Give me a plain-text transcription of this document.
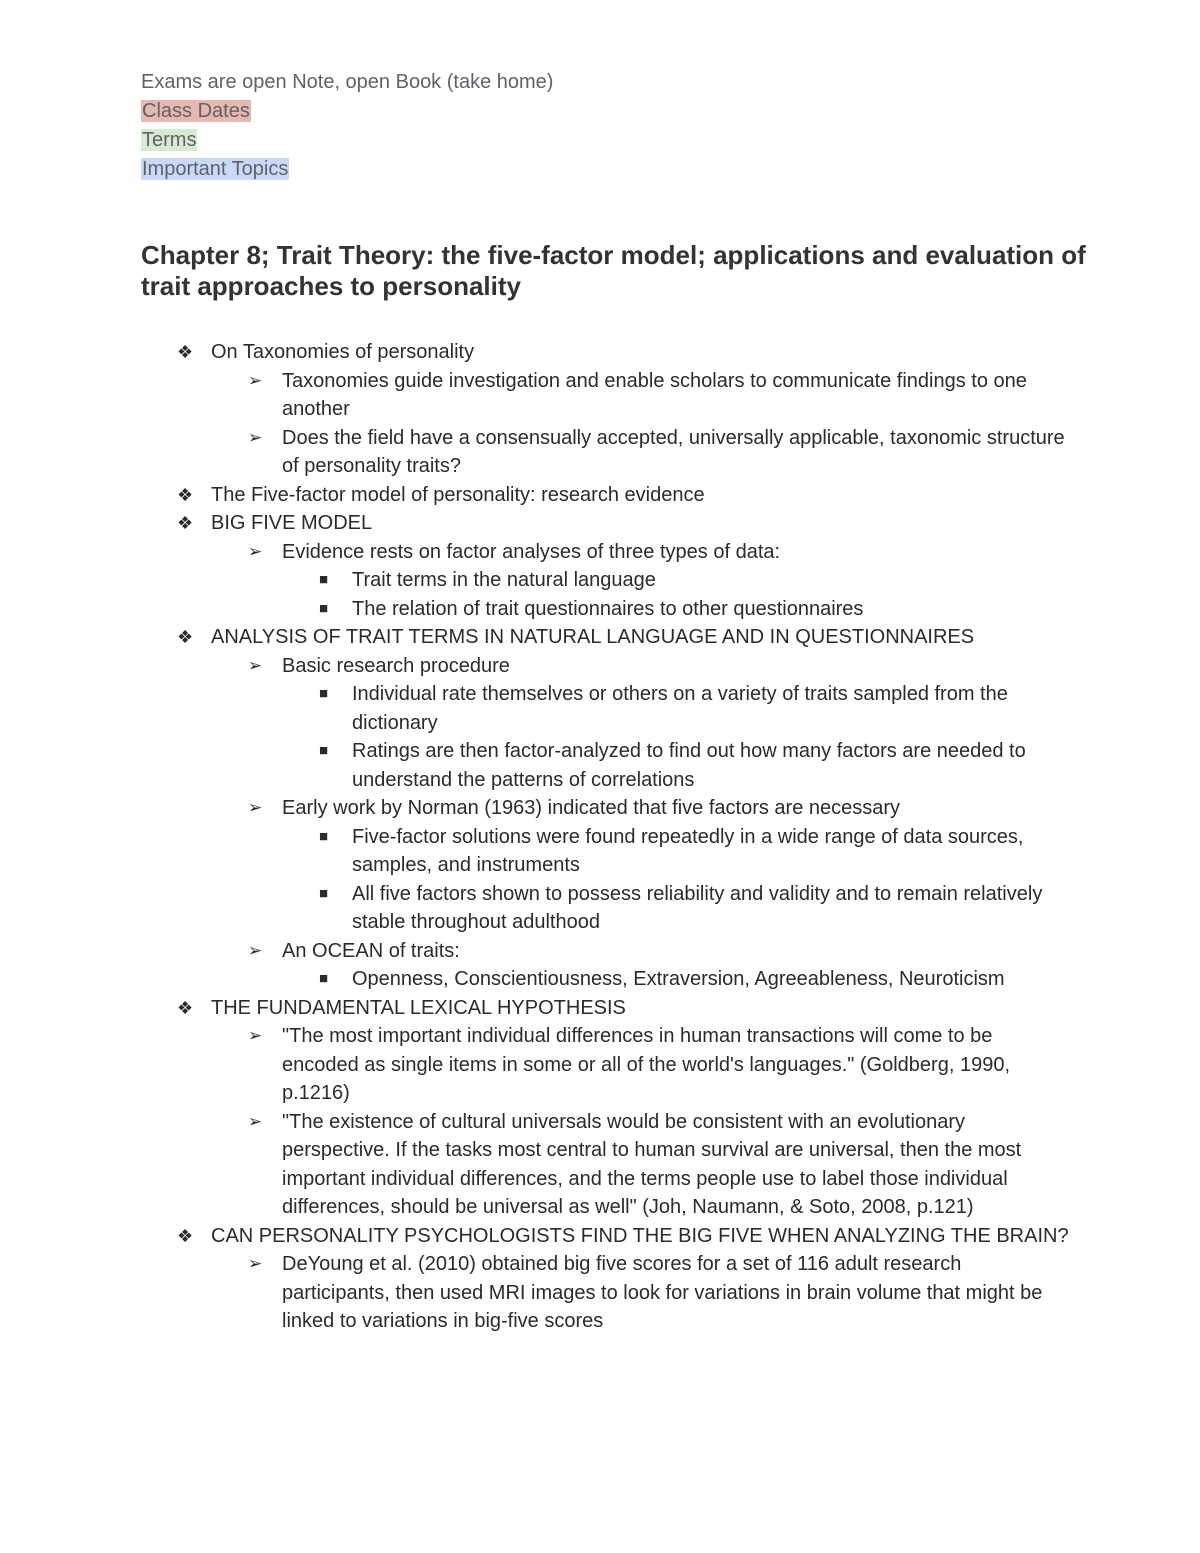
Exams are open Note, open Book (take home)
Class Dates
Terms
Important Topics
Chapter 8; Trait Theory: the five-factor model; applications and evaluation of trait approaches to personality
❖ On Taxonomies of personality
➢ Taxonomies guide investigation and enable scholars to communicate findings to one another
➢ Does the field have a consensually accepted, universally applicable, taxonomic structure of personality traits?
❖ The Five-factor model of personality: research evidence
❖ BIG FIVE MODEL
➢ Evidence rests on factor analyses of three types of data:
■ Trait terms in the natural language
■ The relation of trait questionnaires to other questionnaires
❖ ANALYSIS OF TRAIT TERMS IN NATURAL LANGUAGE AND IN QUESTIONNAIRES
➢ Basic research procedure
■ Individual rate themselves or others on a variety of traits sampled from the dictionary
■ Ratings are then factor-analyzed to find out how many factors are needed to understand the patterns of correlations
➢ Early work by Norman (1963) indicated that five factors are necessary
■ Five-factor solutions were found repeatedly in a wide range of data sources, samples, and instruments
■ All five factors shown to possess reliability and validity and to remain relatively stable throughout adulthood
➢ An OCEAN of traits:
■ Openness, Conscientiousness, Extraversion, Agreeableness, Neuroticism
❖ THE FUNDAMENTAL LEXICAL HYPOTHESIS
➢ "The most important individual differences in human transactions will come to be encoded as single items in some or all of the world's languages." (Goldberg, 1990, p.1216)
➢ "The existence of cultural universals would be consistent with an evolutionary perspective. If the tasks most central to human survival are universal, then the most important individual differences, and the terms people use to label those individual differences, should be universal as well" (Joh, Naumann, & Soto, 2008, p.121)
❖ CAN PERSONALITY PSYCHOLOGISTS FIND THE BIG FIVE WHEN ANALYZING THE BRAIN?
➢ DeYoung et al. (2010) obtained big five scores for a set of 116 adult research participants, then used MRI images to look for variations in brain volume that might be linked to variations in big-five scores
